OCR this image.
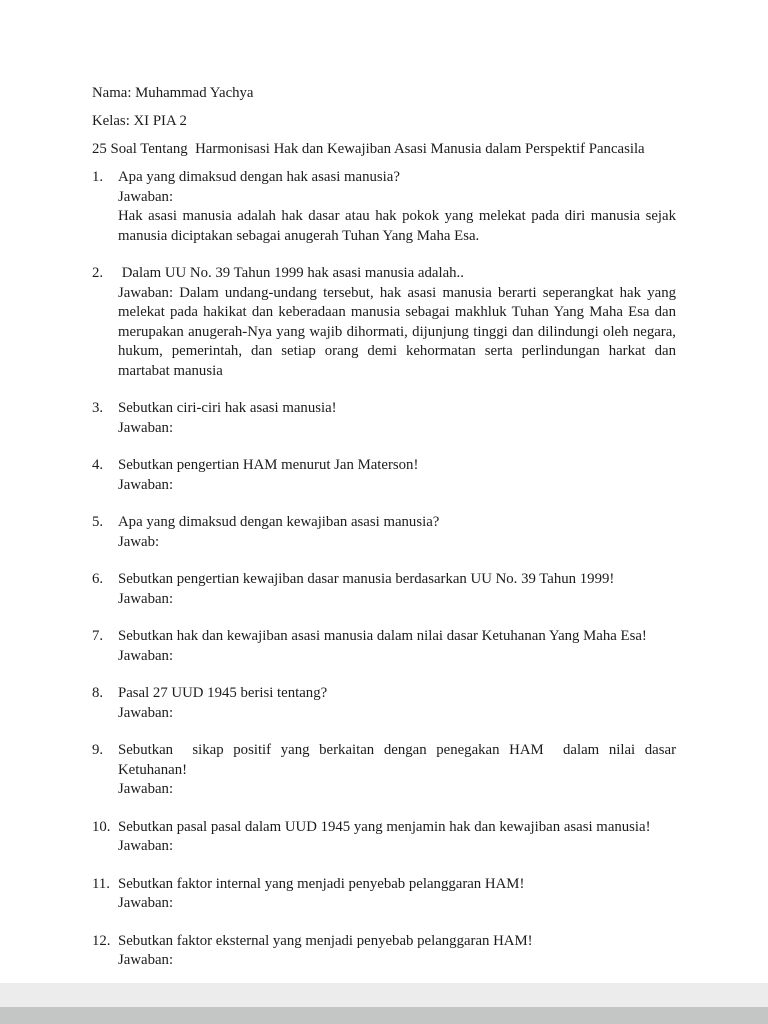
Nama: Muhammad Yachya

Kelas: XI PIA 2

25 Soal Tentang  Harmonisasi Hak dan Kewajiban Asasi Manusia dalam Perspektif Pancasila

1.	Apa yang dimaksud dengan hak asasi manusia?

Jawaban:

Hak asasi manusia adalah hak dasar atau hak pokok yang melekat pada diri manusia sejak manusia diciptakan sebagai anugerah Tuhan Yang Maha Esa.

2.	Dalam UU No. 39 Tahun 1999 hak asasi manusia adalah..

Jawaban: Dalam undang-undang tersebut, hak asasi manusia berarti seperangkat hak yang melekat pada hakikat dan keberadaan manusia sebagai makhluk Tuhan Yang Maha Esa dan merupakan anugerah-Nya yang wajib dihormati, dijunjung tinggi dan dilindungi oleh negara, hukum, pemerintah, dan setiap orang demi kehormatan serta perlindungan harkat dan martabat manusia

3.	Sebutkan ciri-ciri hak asasi manusia!

Jawaban:

4.	Sebutkan pengertian HAM menurut Jan Materson!

Jawaban:

5.	Apa yang dimaksud dengan kewajiban asasi manusia?

Jawab:

6.	Sebutkan pengertian kewajiban dasar manusia berdasarkan UU No. 39 Tahun 1999!

Jawaban:

7.	Sebutkan hak dan kewajiban asasi manusia dalam nilai dasar Ketuhanan Yang Maha Esa!

Jawaban:

8.	Pasal 27 UUD 1945 berisi tentang?

Jawaban:

9.	Sebutkan  sikap positif yang berkaitan dengan penegakan HAM  dalam nilai dasar Ketuhanan!

Jawaban:

10. Sebutkan pasal pasal dalam UUD 1945 yang menjamin hak dan kewajiban asasi manusia!

Jawaban:

11. Sebutkan faktor internal yang menjadi penyebab pelanggaran HAM!

Jawaban:

12. Sebutkan faktor eksternal yang menjadi penyebab pelanggaran HAM!

Jawaban:
